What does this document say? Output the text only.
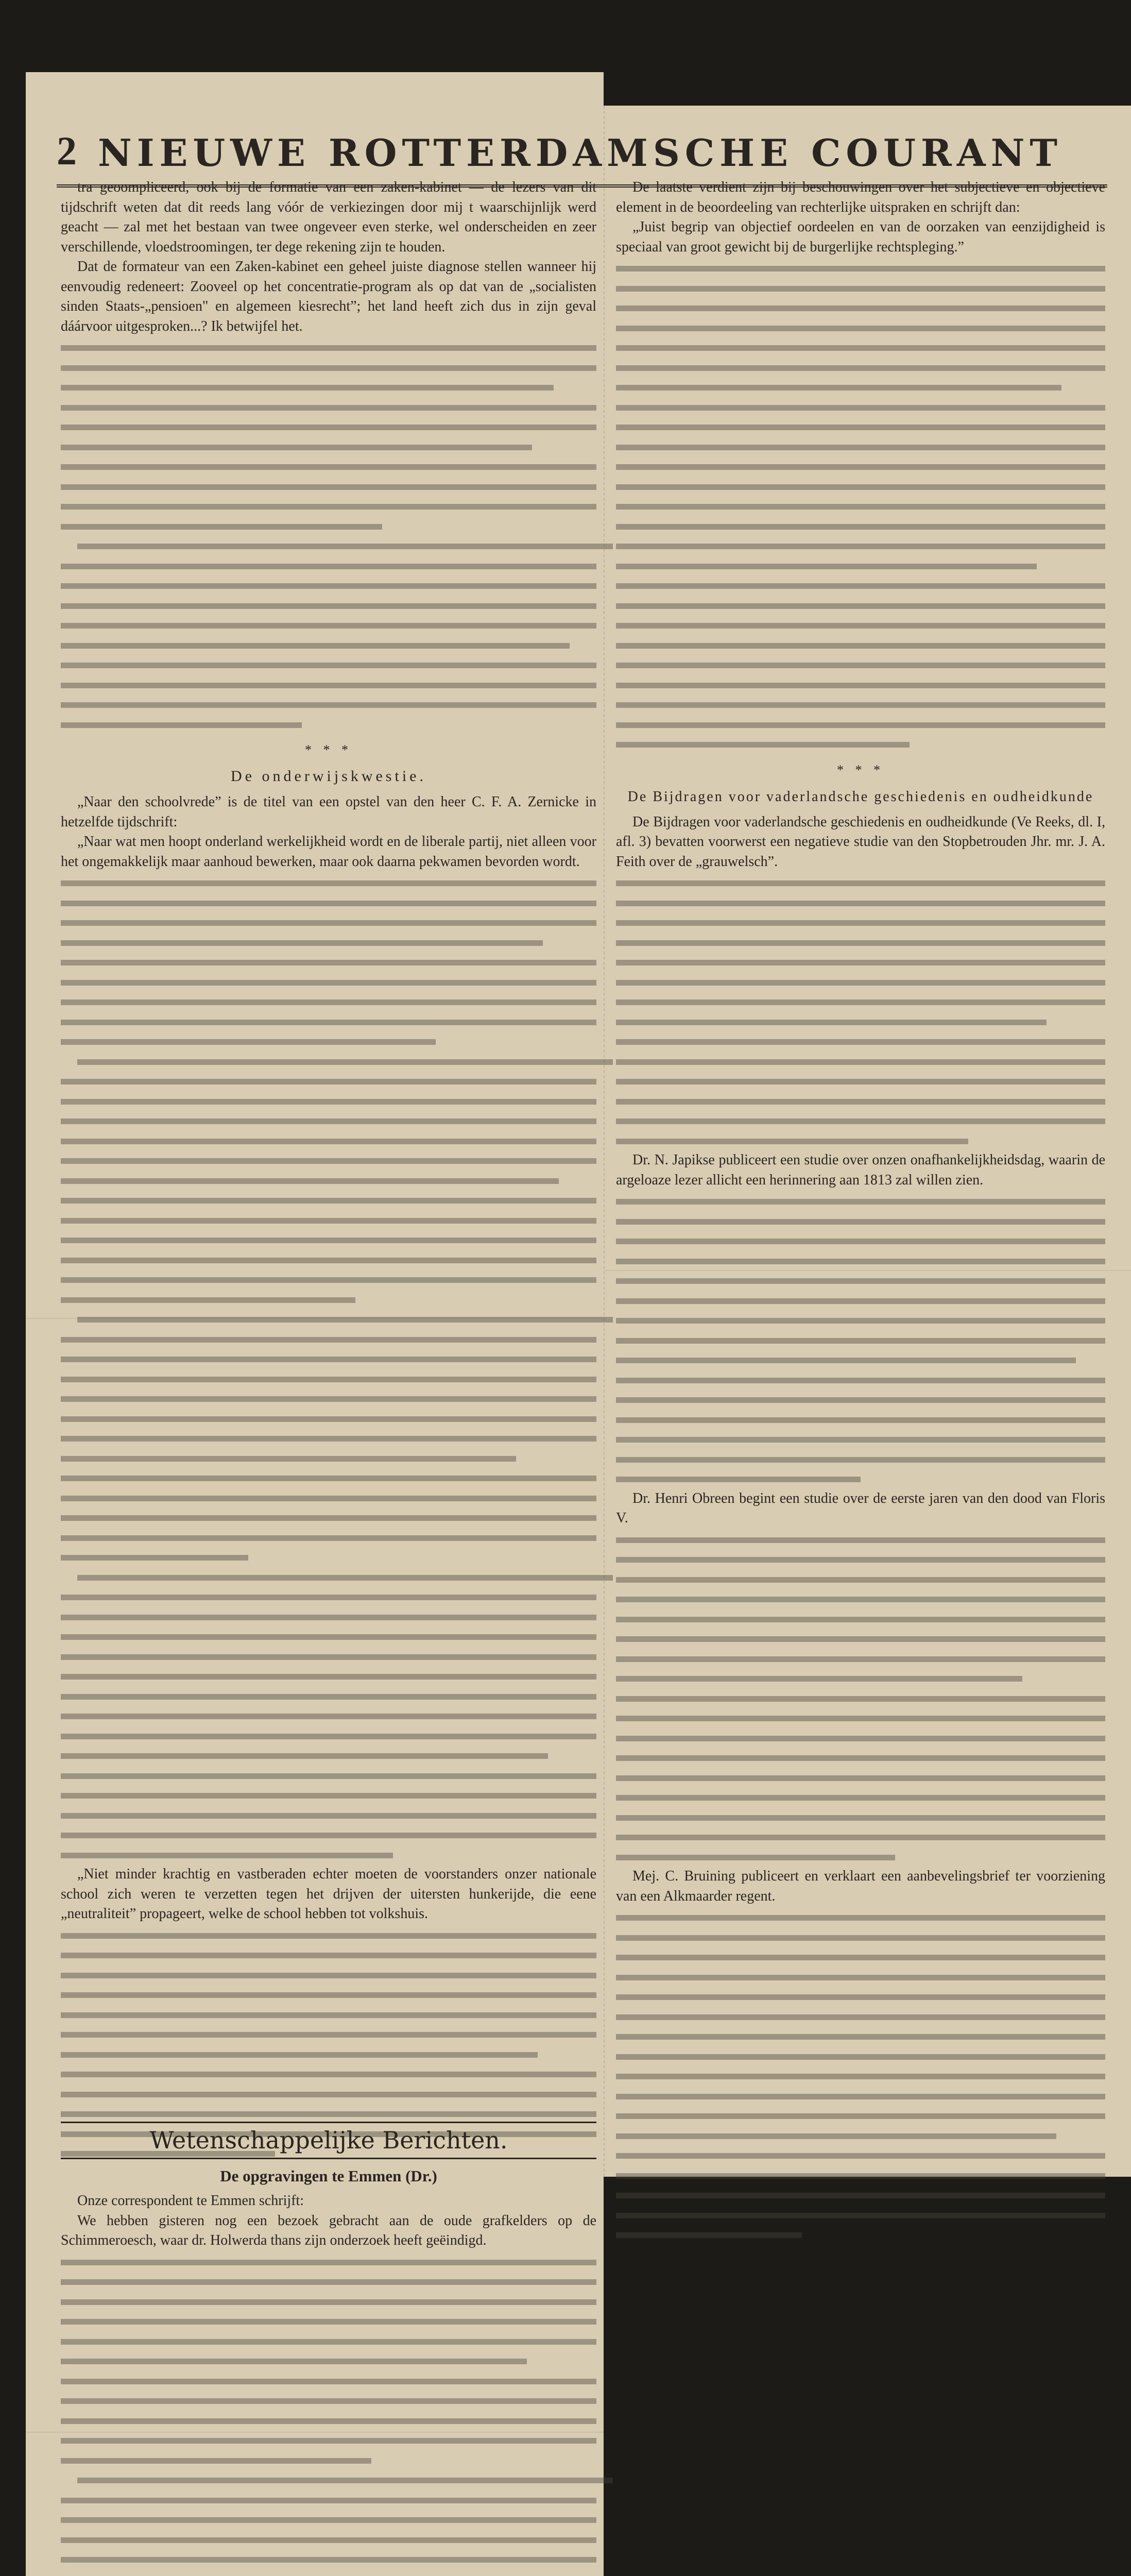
2 NIEUWE ROTTERDAMSCHE COURANT

tra geoompliceerd, ook bij de formatie van een zaken-kabinet — de lezers van dit tijdschrift weten dat dit reeds lang vóór de verkiezingen door mij t waarschijnlijk werd geacht — zal met het bestaan van twee ongeveer even sterke, wel onderscheiden en zeer verschillende, vloedstroomingen, ter dege rekening zijn te houden.

Dat de formateur van een Zaken-kabinet een geheel juiste diagnose stellen wanneer hij eenvoudig redeneert: Zooveel op het concentratie-program als op dat van de „socialisten sinden Staats-„pensioen" en algemeen kiesrecht”; het land heeft zich dus in zijn geval dáárvoor uitgesproken...? Ik betwijfel het.

* * *
De onderwijskwestie.

„Naar den schoolvrede” is de titel van een opstel van den heer C. F. A. Zernicke in hetzelfde tijdschrift:

„Naar wat men hoopt onderland werkelijkheid wordt en de liberale partij, niet alleen voor het ongemakkelijk maar aanhoud bewerken, maar ook daarna pekwamen bevorden wordt.

„Niet minder krachtig en vastberaden echter moeten de voorstanders onzer nationale school zich weren te verzetten tegen het drijven der uitersten hunkerijde, die eene „neutraliteit” propageert, welke de school hebben tot volkshuis.

Wetenschappelijke Berichten.
De opgravingen te Emmen (Dr.)

Onze correspondent te Emmen schrijft:

We hebben gisteren nog een bezoek gebracht aan de oude grafkelders op de Schimmeroesch, waar dr. Holwerda thans zijn onderzoek heeft geëindigd.

De laatste verdient zijn bij beschouwingen over het subjectieve en objectieve element in de beoordeeling van rechterlijke uitspraken en schrijft dan:

„Juist begrip van objectief oordeelen en van de oorzaken van eenzijdigheid is speciaal van groot gewicht bij de burgerlijke rechtspleging.”

* * *
De Bijdragen voor vaderlandsche geschiedenis en oudheidkunde

De Bijdragen voor vaderlandsche geschiedenis en oudheidkunde (Ve Reeks, dl. I, afl. 3) bevatten voorwerst een negatieve studie van den Stopbetrouden Jhr. mr. J. A. Feith over de „grauwelsch”.

Dr. N. Japikse publiceert een studie over onzen onafhankelijkheidsdag, waarin de argeloaze lezer allicht een herinnering aan 1813 zal willen zien.

Dr. Henri Obreen begint een studie over de eerste jaren van den dood van Floris V.

Mej. C. Bruining publiceert en verklaart een aanbevelingsbrief ter voorziening van een Alkmaarder regent.
